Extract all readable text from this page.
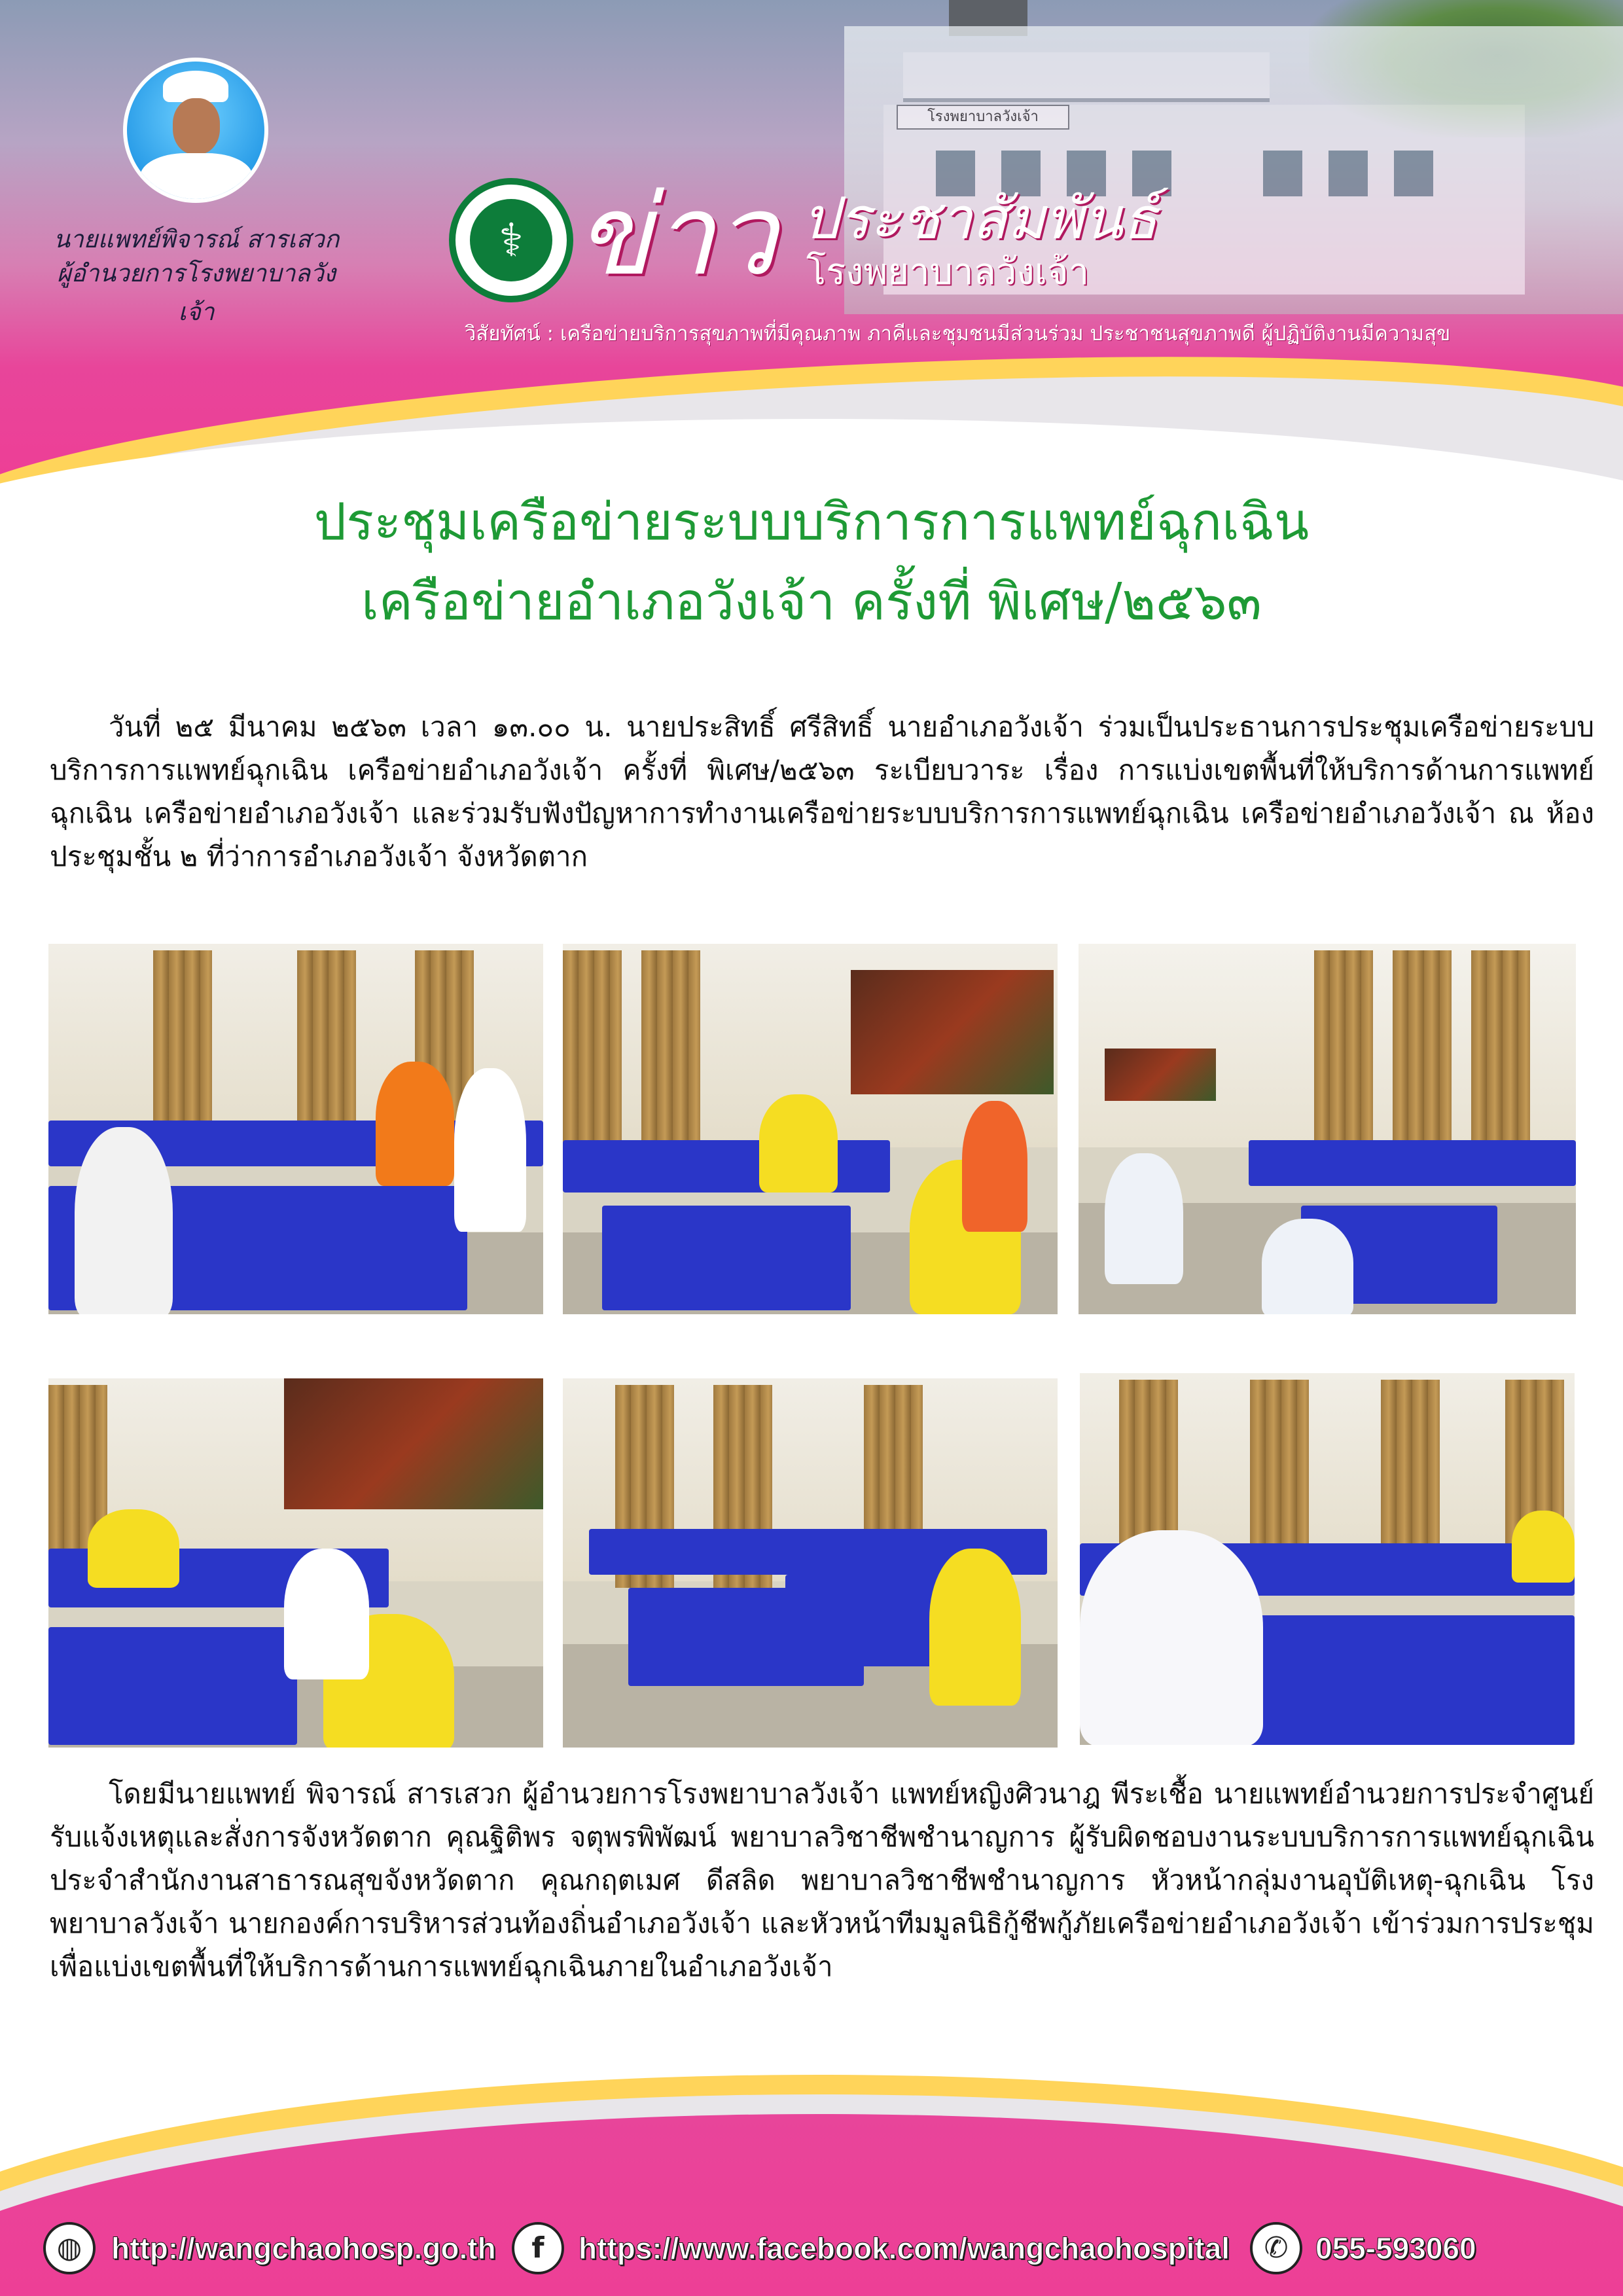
โรงพยาบาลวังเจ้า
นายแพทย์พิจารณ์ สารเสวก
ผู้อำนวยการโรงพยาบาลวังเจ้า
⚕ ข่าว ประชาสัมพันธ์
โรงพยาบาลวังเจ้า
วิสัยทัศน์ : เครือข่ายบริการสุขภาพที่มีคุณภาพ ภาคีและชุมชนมีส่วนร่วม ประชาชนสุขภาพดี ผู้ปฏิบัติงานมีความสุข
ประชุมเครือข่ายระบบบริการการแพทย์ฉุกเฉิน
เครือข่ายอำเภอวังเจ้า ครั้งที่ พิเศษ/๒๕๖๓
วันที่ ๒๕ มีนาคม ๒๕๖๓ เวลา ๑๓.๐๐ น. นายประสิทธิ์ ศรีสิทธิ์ นายอำเภอวังเจ้า ร่วมเป็นประธานการประชุมเครือข่ายระบบบริการการแพทย์ฉุกเฉิน เครือข่ายอำเภอวังเจ้า ครั้งที่ พิเศษ/๒๕๖๓ ระเบียบวาระ เรื่อง การแบ่งเขตพื้นที่ให้บริการด้านการแพทย์ฉุกเฉิน เครือข่ายอำเภอวังเจ้า และร่วมรับฟังปัญหาการทำงานเครือข่ายระบบบริการการแพทย์ฉุกเฉิน เครือข่ายอำเภอวังเจ้า ณ ห้องประชุมชั้น ๒ ที่ว่าการอำเภอวังเจ้า จังหวัดตาก
โดยมีนายแพทย์ พิจารณ์ สารเสวก ผู้อำนวยการโรงพยาบาลวังเจ้า แพทย์หญิงศิวนาฎ พีระเชื้อ นายแพทย์อำนวยการประจำศูนย์รับแจ้งเหตุและสั่งการจังหวัดตาก คุณฐิติพร จตุพรพิพัฒน์ พยาบาลวิชาชีพชำนาญการ ผู้รับผิดชอบงานระบบบริการการแพทย์ฉุกเฉิน ประจำสำนักงานสาธารณสุขจังหวัดตาก คุณกฤตเมศ ดีสลิด พยาบาลวิชาชีพชำนาญการ หัวหน้ากลุ่มงานอุบัติเหตุ-ฉุกเฉิน โรงพยาบาลวังเจ้า นายกองค์การบริหารส่วนท้องถิ่นอำเภอวังเจ้า และหัวหน้าทีมมูลนิธิกู้ชีพกู้ภัยเครือข่ายอำเภอวังเจ้า เข้าร่วมการประชุม เพื่อแบ่งเขตพื้นที่ให้บริการด้านการแพทย์ฉุกเฉินภายในอำเภอวังเจ้า
◍ http://wangchaohosp.go.th	f	https://www.facebook.com/wangchaohospital	✆ 055-593060
